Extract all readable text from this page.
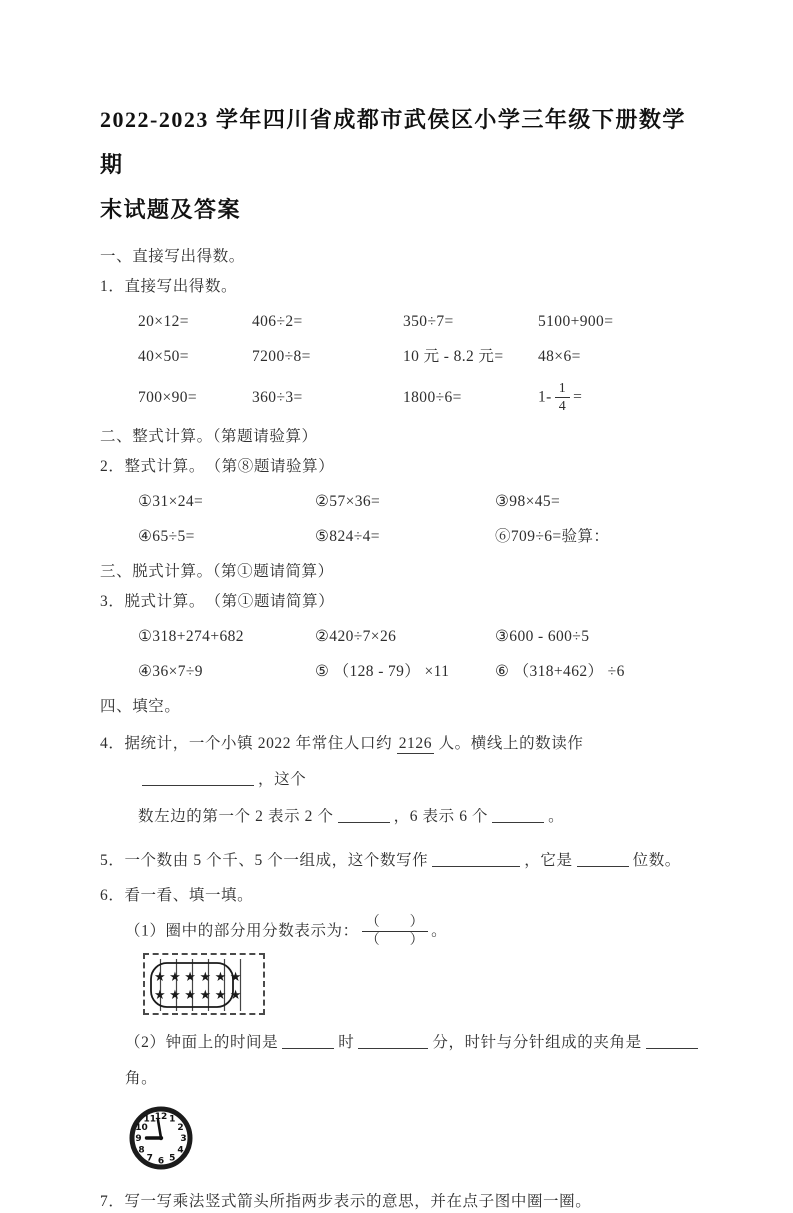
2022-2023 学年四川省成都市武侯区小学三年级下册数学期
末试题及答案

一、直接写出得数。

1．直接写出得数。

20×12=	406÷2=	350÷7=	5100+900=
40×50=	7200÷8=	10 元 - 8.2 元=	48×6=
700×90=	360÷3=	1800÷6=	$1- \frac{1}{4}$ =

二、整式计算。（第题请验算）

2．整式计算。　（第⑧题请验算）

①31×24=	②57×36=	③98×45=
④65÷5=	⑤824÷4=	⑥709÷6=验算：

三、脱式计算。（第①题请简算）

3．脱式计算。　（第①题请简算）

①318+274+682	②420÷7×26	③600 - 600÷5
④36×7÷9	⑤ （128 - 79） ×11	⑥ （318+462） ÷6

四、填空。

4．据统计，一个小镇 2022 年常住人口约 2126 人。横线上的数读作，这个

数左边的第一个 2 表示 2 个	，6 表示 6 个	。

5．一个数由 5 个千、5 个一组成，这个数写作	，它是	位数。

6．看一看、填一填。

（1）圈中的部分用分数表示为： $\frac{( )}{( )}$ 。

★★★★★★
★★★★★★

（2）钟面上的时间是	时	分，时针与分针组成的夹角是角。

12 1
2
3
4
5
6
7
8
9
10
11

7．写一写乘法竖式箭头所指两步表示的意思，并在点子图中圈一圈。
